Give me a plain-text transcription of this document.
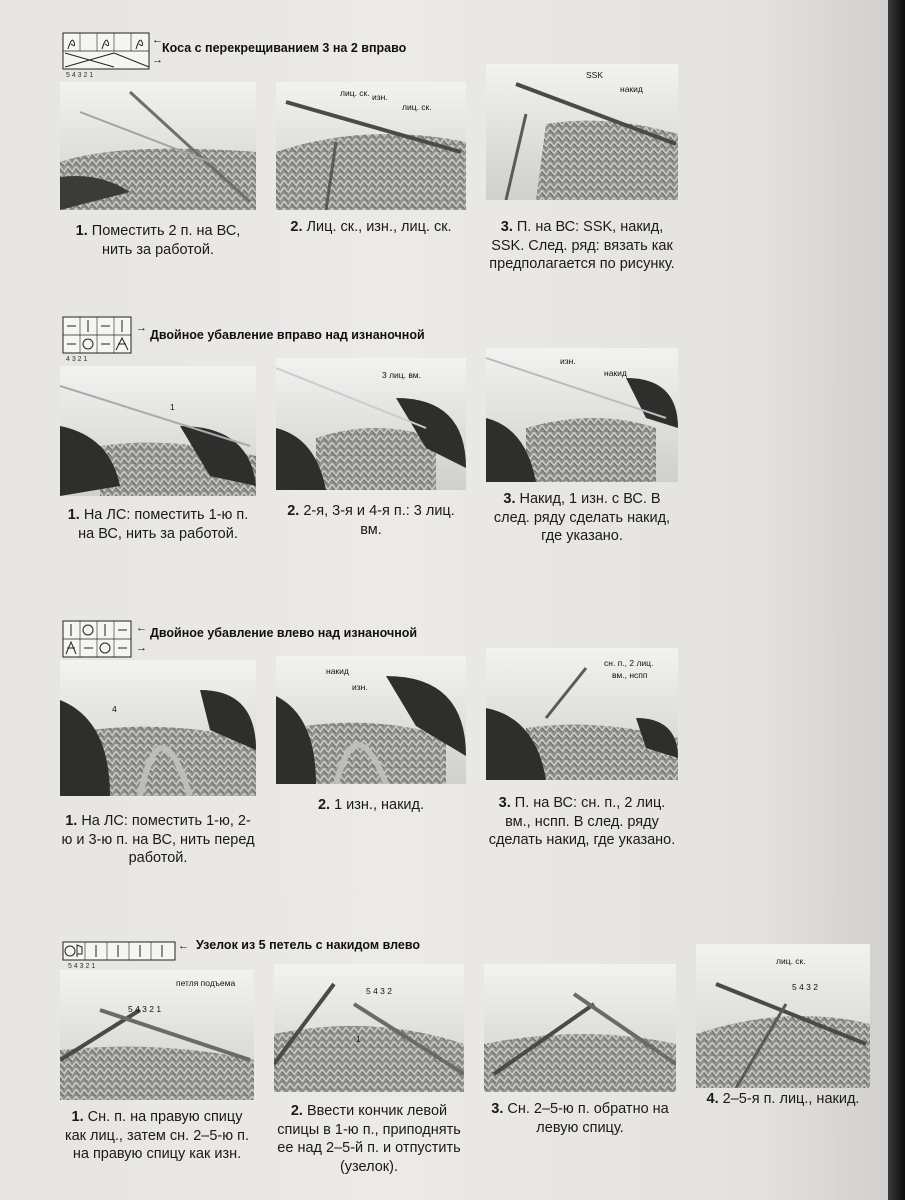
←
→
5 4 3 2 1
Коса с перекрещиванием 3 на 2 вправо
лиц. ск. изн.
лиц. ск.
SSK
накид
1. Поместить 2 п. на ВС, нить за работой.
2. Лиц. ск., изн., лиц. ск.	3. П. на ВС: SSK, накид, SSK. След. ряд: вязать как предполагается по рисунку.
→
4 3 2 1
Двойное убавление вправо над изнаночной
1
3 лиц. вм.
изн.
накид
1. На ЛС: поместить 1-ю п. на ВС, нить за работой.
2. 2-я, 3-я и 4-я п.: 3 лиц. вм.
3. Накид, 1 изн. с ВС. В след. ряду сделать накид, где указано.
←
→
Двойное убавление влево над изнаночной
4
накид
изн.
сн. п., 2 лиц.
вм., нспп
1. На ЛС: поместить 1-ю, 2-ю и 3-ю п. на ВС, нить перед работой.
2. 1 изн., накид.	3. П. на ВС: сн. п., 2 лиц. вм., нспп. В след. ряду сделать накид, где указано.
←
5 4 3 2 1
Узелок из 5 петель с накидом влево
петля подъема
5 4 3 2 1
5 4 3 2
1
лиц. ск.
5 4 3 2
1. Сн. п. на правую спицу как лиц., затем сн. 2–5-ю п. на правую спицу как изн.
2. Ввести кончик левой спицы в 1-ю п., приподнять ее над 2–5-й п. и отпустить (узелок).
3. Сн. 2–5-ю п. обратно на левую спицу.
4. 2–5-я п. лиц., накид.
